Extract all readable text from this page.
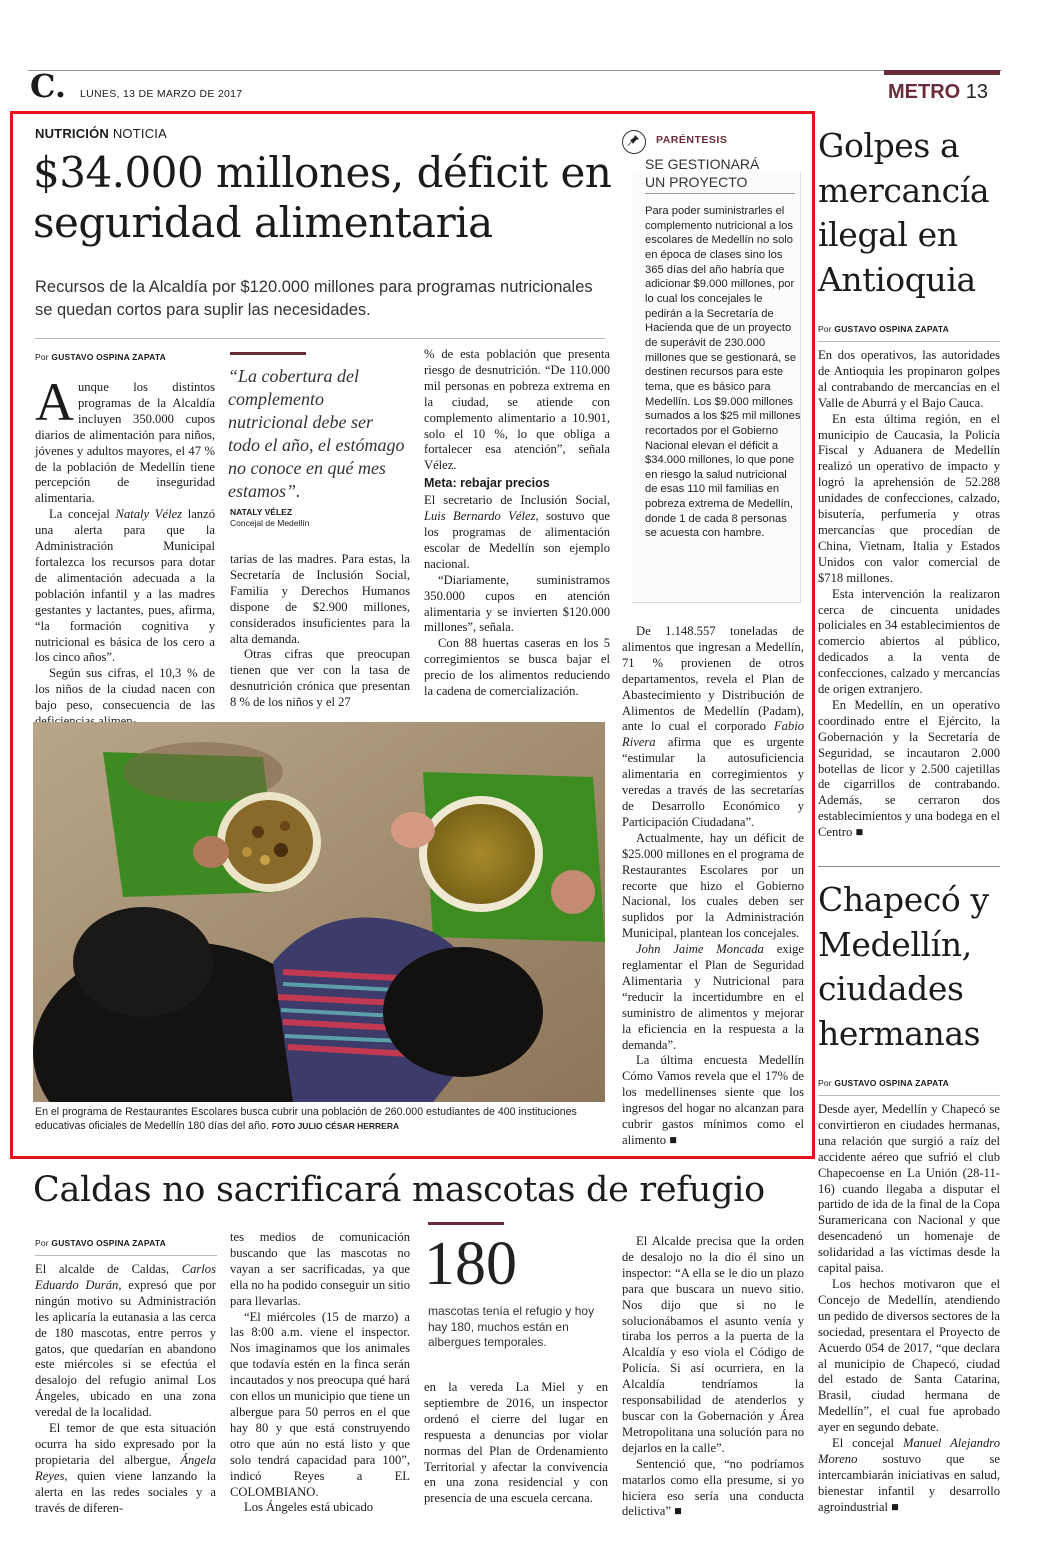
C. LUNES, 13 DE MARZO DE 2017	METRO 13
NUTRICIÓN NOTICIA
$34.000 millones, déficit en seguridad alimentaria
Recursos de la Alcaldía por $120.000 millones para programas nutricionales se quedan cortos para suplir las necesidades.
Por GUSTAVO OSPINA ZAPATA

Aunque los distintos programas de la Alcaldía incluyen 350.000 cupos diarios de alimentación para niños, jóvenes y adultos mayores, el 47 % de la población de Medellín tiene percepción de inseguridad alimentaria.

La concejal Nataly Vélez lanzó una alerta para que la Administración Municipal fortalezca los recursos para dotar de alimentación adecuada a la población infantil y a las madres gestantes y lactantes, pues, afirma, “la formación cognitiva y nutricional es básica de los cero a los cinco años”.

Según sus cifras, el 10,3 % de los niños de la ciudad nacen con bajo peso, consecuencia de las

“La cobertura del complemento nutricional debe ser todo el año, el estómago no conoce en qué mes estamos”.
NATALY VÉLEZ
Concejal de Medellín

tarias de las madres. Para estas, la Secretaría de Inclusión Social, Familia y Derechos Humanos dispone de $2.900 millones, considerados insuficientes para la alta demanda.

Otras cifras que preocupan tienen que ver con la tasa de desnutrición crónica que presentan 8 % de los niños y el 27

% de esta población que presenta riesgo de desnutrición. “De 110.000 mil personas en pobreza extrema en la ciudad, se atiende con complemento alimentario a 10.901, solo el 10 %, lo que obliga a fortalecer esa atención”, señala Vélez.

Meta: rebajar precios

El secretario de Inclusión Social, Luis Bernardo Vélez, sostuvo que los programas de alimentación escolar de Medellín son ejemplo nacional.

“Diariamente, suministramos 350.000 cupos en atención alimentaria y se invierten $120.000 millones”, señala.

Con 88 huertas caseras en los 5 corregimientos se busca bajar el precio de los alimentos reduciendo la cadena de comercialización.

PARÉNTESIS
SE GESTIONARÁ UN PROYECTO
Para poder suministrarles el complemento nutricional a los escolares de Medellín no solo en época de clases sino los 365 días del año habría que adicionar $9.000 millones, por lo cual los concejales le pedirán a la Secretaría de Hacienda que de un proyecto de superávit de 230.000 millones que se gestionará, se destinen recursos para este tema, que es básico para Medellín. Los $9.000 millones sumados a los $25 mil millones recortados por el Gobierno Nacional elevan el déficit a $34.000 millones, lo que pone en riesgo la salud nutricional de esas 110 mil familias en pobreza extrema de Medellín, donde 1 de cada 8 personas se acuesta con hambre.

De 1.148.557 toneladas de alimentos que ingresan a Medellín, 71 % provienen de otros departamentos, revela el Plan de Abastecimiento y Distribución de Alimentos de Medellín (Padam), ante lo cual el corporado Fabio Rivera afirma que es urgente “estimular la autosuficiencia alimentaria en corregimientos y veredas a través de las secretarías de Desarrollo Económico y Participación Ciudadana”.

Actualmente, hay un déficit de $25.000 millones en el programa de Restaurantes Escolares por un recorte que hizo el Gobierno Nacional, los cuales deben ser suplidos por la Administración Municipal, plantean los concejales.

John Jaime Moncada exige reglamentar el Plan de Seguridad Alimentaria y Nutricional para “reducir la incertidumbre en el suministro de alimentos y mejorar la eficiencia en la respuesta a la demanda”.

La última encuesta Medellín Cómo Vamos revela que el 17% de los medellinenses siente que los ingresos del hogar no alcanzan para cubrir gastos mínimos como el alimento ■

En el programa de Restaurantes Escolares busca cubrir una población de 260.000 estudiantes de 400 instituciones educativas oficiales de Medellín 180 días del año. FOTO JULIO CÉSAR HERRERA
Golpes a mercancía ilegal en Antioquia
Por GUSTAVO OSPINA ZAPATA

En dos operativos, las autoridades de Antioquia les propinaron golpes al contrabando de mercancías en el Valle de Aburrá y el Bajo Cauca.

En esta última región, en el municipio de Caucasia, la Policía Fiscal y Aduanera de Medellín realizó un operativo de impacto y logró la aprehensión de 52.288 unidades de confecciones, calzado, bisutería, perfumería y otras mercancías que procedían de China, Vietnam, Italia y Estados Unidos con valor comercial de $718 millones.

Esta intervención la realizaron cerca de cincuenta unidades policiales en 34 establecimientos de comercio abiertos al público, dedicados a la venta de confecciones, calzado y mercancías de origen extranjero.

En Medellín, en un operativo coordinado entre el Ejército, la Gobernación y la Secretaría de Seguridad, se incautaron 2.000 botellas de licor y 2.500 cajetillas de cigarrillos de contrabando. Además, se cerraron dos establecimientos y una bodega en el Centro ■

Chapecó y Medellín, ciudades hermanas
Por GUSTAVO OSPINA ZAPATA

Desde ayer, Medellín y Chapecó se convirtieron en ciudades hermanas, una relación que surgió a raíz del accidente aéreo que sufrió el club Chapecoense en La Unión (28-11-16) cuando llegaba a disputar el partido de ida de la final de la Copa Suramericana con Nacional y que desencadenó un homenaje de solidaridad a las víctimas desde la capital paisa.

Los hechos motivaron que el Concejo de Medellín, atendiendo un pedido de diversos sectores de la sociedad, presentara el Proyecto de Acuerdo 054 de 2017, “que declara al municipio de Chapecó, ciudad del estado de Santa Catarina, Brasil, ciudad hermana de Medellín”, el cual fue aprobado ayer en segundo debate.

El concejal Manuel Alejandro Moreno sostuvo que se intercambiarán iniciativas en salud, bienestar infantil y desarrollo agroindustrial ■

Caldas no sacrificará mascotas de refugio
Por GUSTAVO OSPINA ZAPATA

El alcalde de Caldas, Carlos Eduardo Durán, expresó que por ningún motivo su Administración les aplicaría la eutanasia a las cerca de 180 mascotas, entre perros y gatos, que quedarían en abandono este miércoles si se efectúa el desalojo del refugio animal Los Ángeles, ubicado en una zona veredal de la localidad.

El temor de que esta situación ocurra ha sido expresado por la propietaria del albergue, Ángela Reyes, quien viene lanzando la alerta en las redes sociales y a través de diferen-

tes medios de comunicación buscando que las mascotas no vayan a ser sacrificadas, ya que ella no ha podido conseguir un sitio para llevarlas.

“El miércoles (15 de marzo) a las 8:00 a.m. viene el inspector. Nos imaginamos que los animales que todavía estén en la finca serán incautados y nos preocupa qué hará con ellos un municipio que tiene un albergue para 50 perros en el que hay 80 y que está construyendo otro que aún no está listo y que solo tendrá capacidad para 100”, indicó Reyes a EL COLOMBIANO.

Los Ángeles está ubicado

180
mascotas tenía el refugio y hoy hay 180, muchos están en albergues temporales.

en la vereda La Miel y en septiembre de 2016, un inspector ordenó el cierre del lugar en respuesta a denuncias por violar normas del Plan de Ordenamiento Territorial y afectar la convivencia en una zona residencial y con presencia de una escuela cercana.

El Alcalde precisa que la orden de desalojo no la dio él sino un inspector: “A ella se le dio un plazo para que buscara un nuevo sitio. Nos dijo que si no le solucionábamos el asunto venía y tiraba los perros a la puerta de la Alcaldía y eso viola el Código de Policía. Si así ocurriera, en la Alcaldía tendríamos la responsabilidad de atenderlos y buscar con la Gobernación y Área Metropolitana una solución para no dejarlos en la calle”.

Sentenció que, “no podríamos matarlos como ella presume, si yo hiciera eso sería una conducta delictiva” ■
